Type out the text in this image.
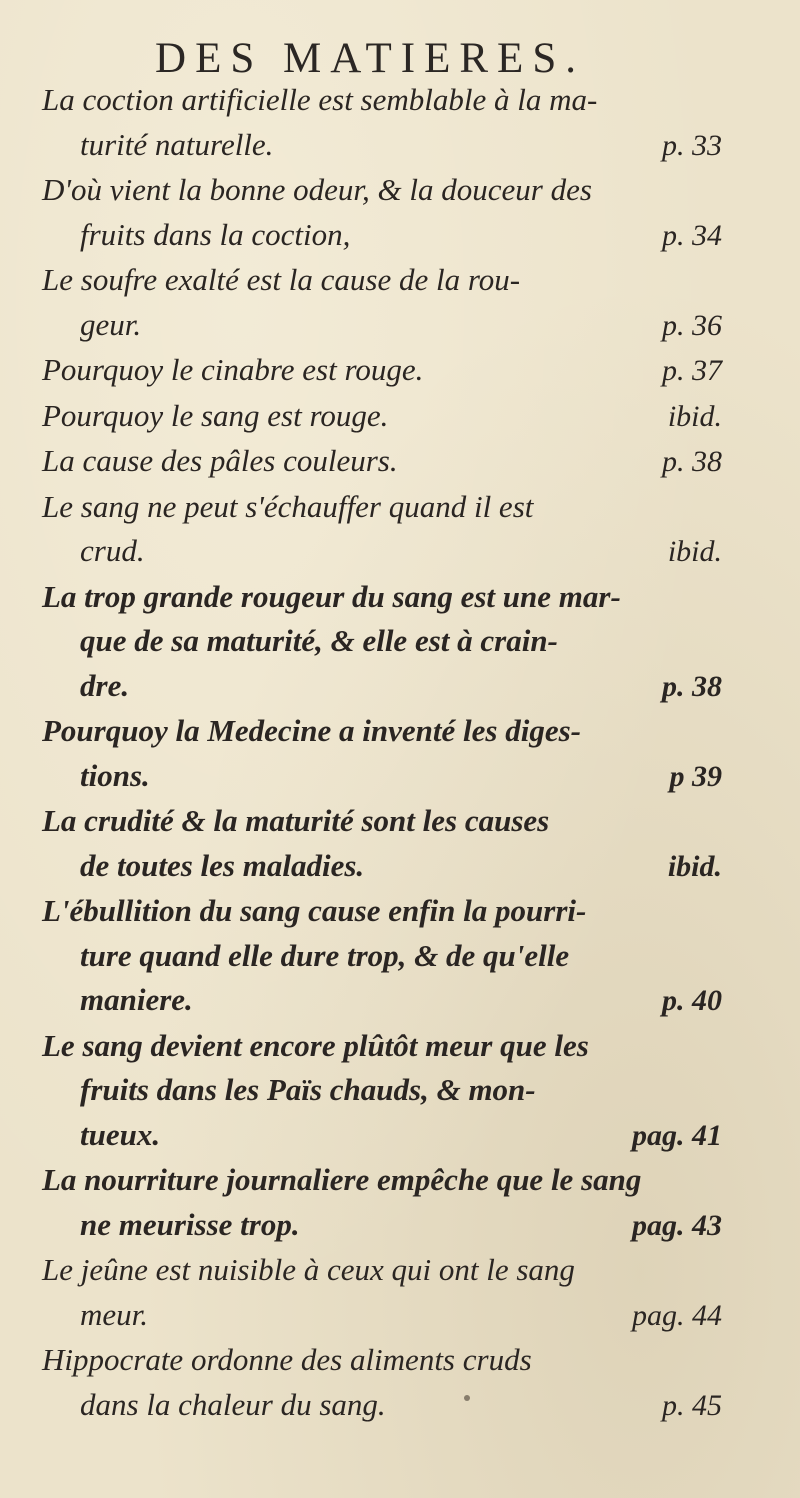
DES MATIERES.
La coction artificielle est semblable à la ma-
turité naturelle.	p. 33
D'où vient la bonne odeur, & la douceur des
fruits dans la coction,	p. 34
Le soufre exalté est la cause de la rou-
geur.	p. 36
Pourquoy le cinabre est rouge.	p. 37
Pourquoy le sang est rouge.	ibid.
La cause des pâles couleurs.	p. 38
Le sang ne peut s'échauffer quand il est
crud.	ibid.
La trop grande rougeur du sang est une mar-
que de sa maturité, & elle est à crain-
dre.	p. 38
Pourquoy la Medecine a inventé les diges-
tions.	p 39
La crudité & la maturité sont les causes
de toutes les maladies.	ibid.
L'ébullition du sang cause enfin la pourri-
ture quand elle dure trop, & de qu'elle
maniere.	p. 40
Le sang devient encore plûtôt meur que les
fruits dans les Païs chauds, & mon-
tueux.	pag. 41
La nourriture journaliere empêche que le sang
ne meurisse trop.	pag. 43
Le jeûne est nuisible à ceux qui ont le sang
meur.	pag. 44
Hippocrate ordonne des aliments cruds
dans la chaleur du sang.	p. 45
